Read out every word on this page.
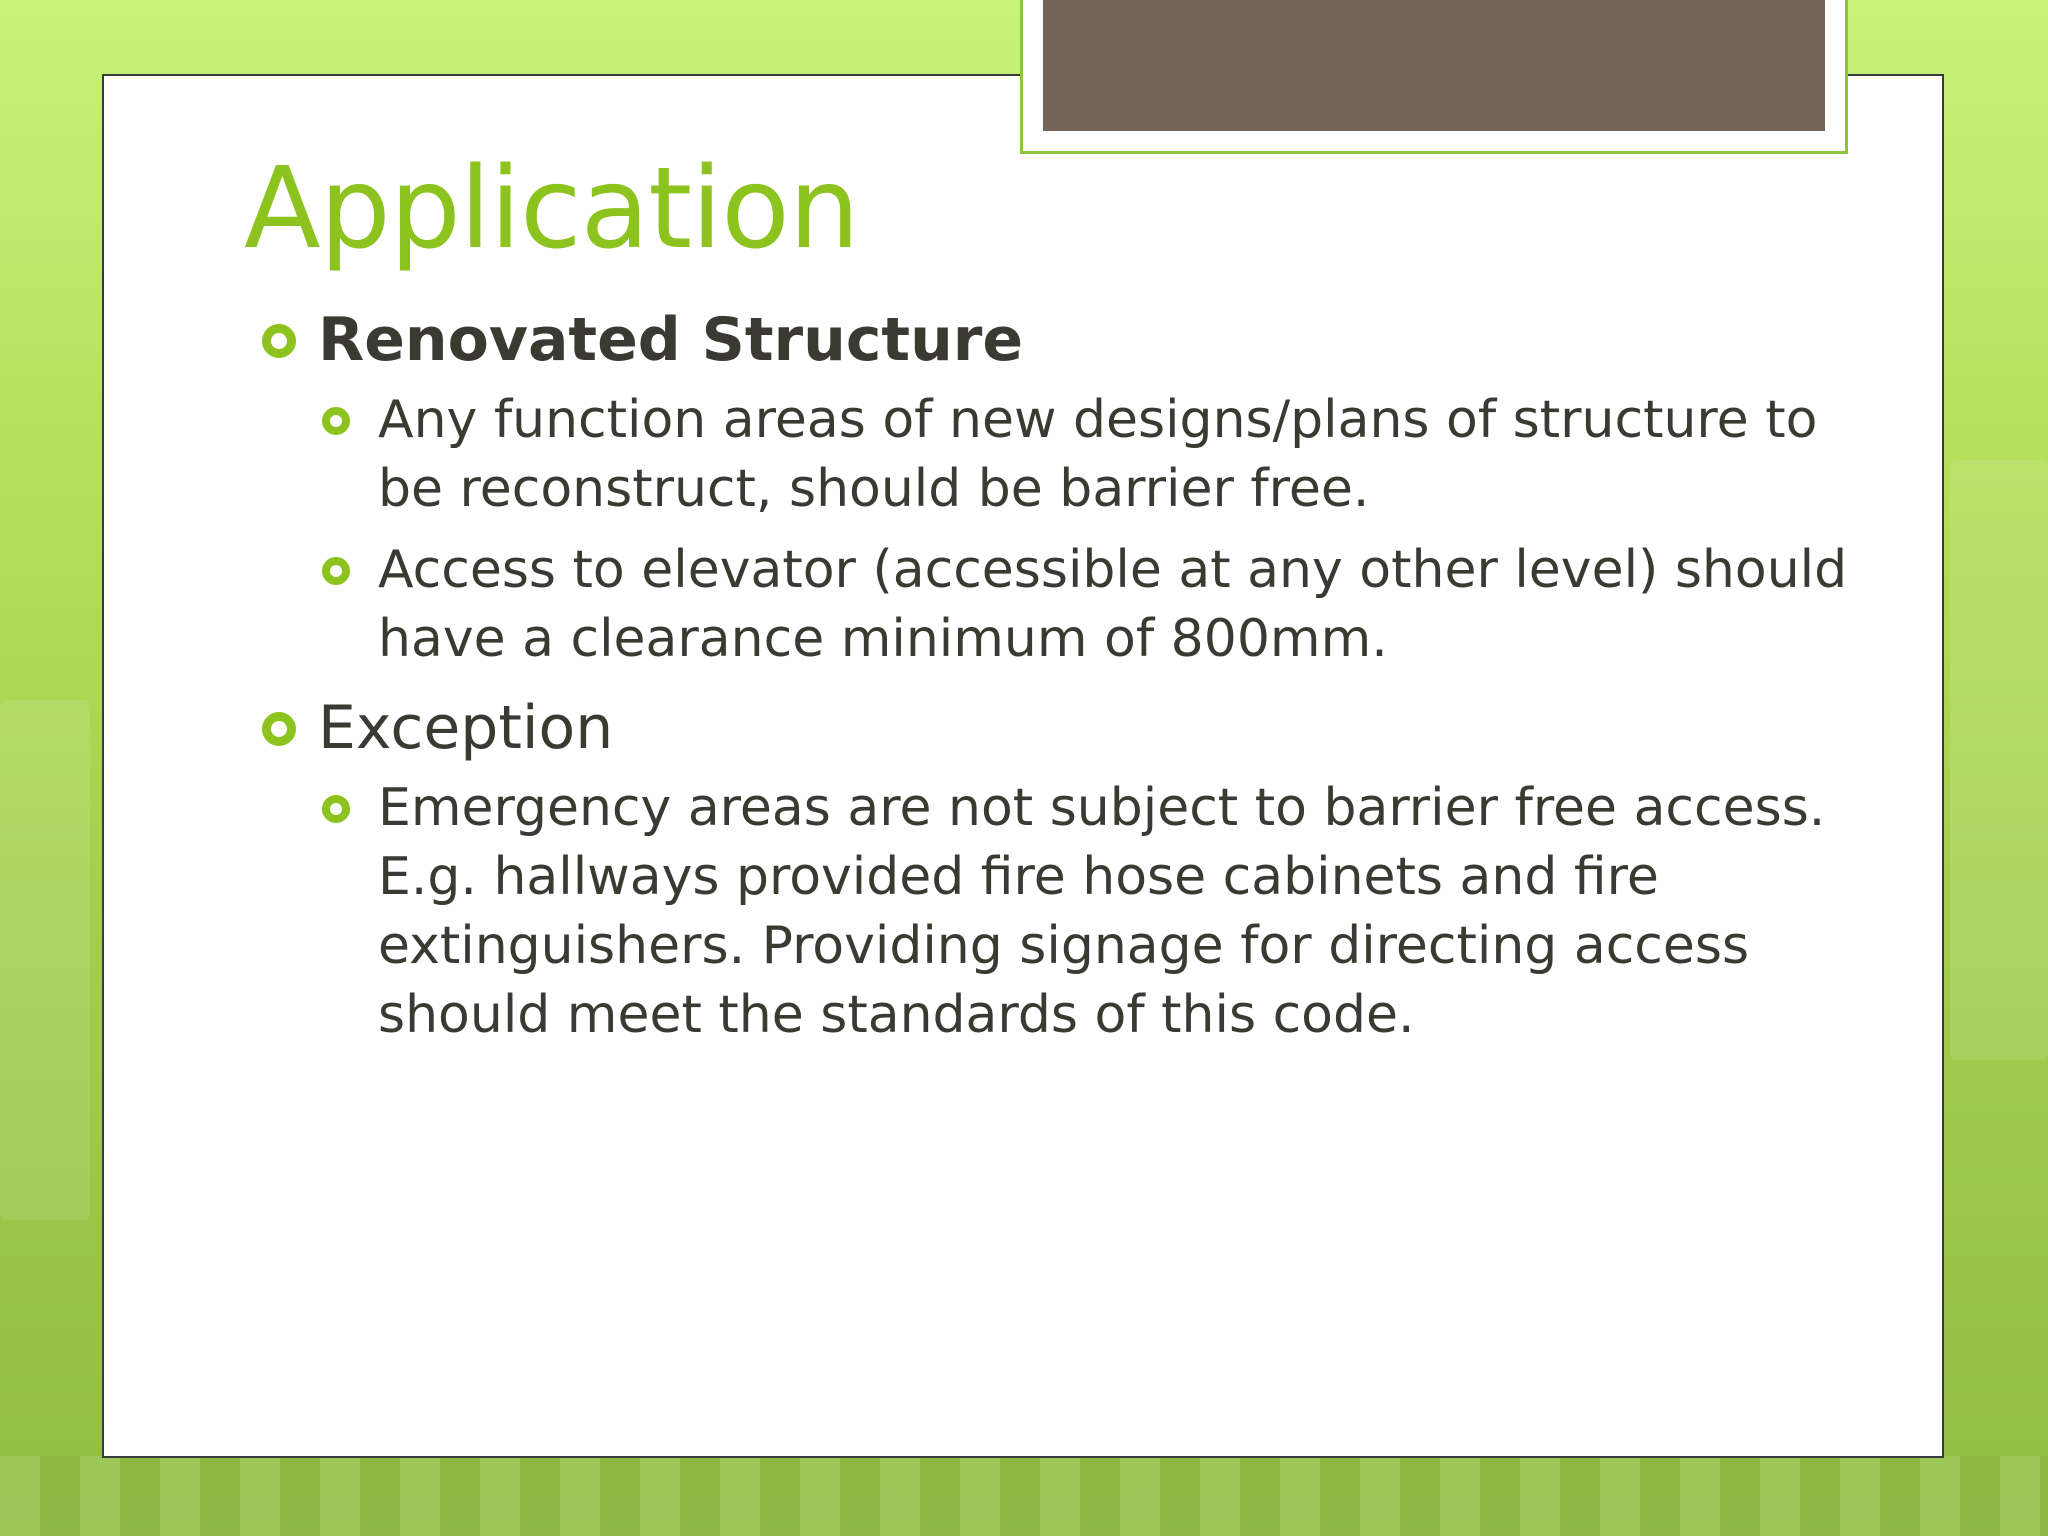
Application
Renovated Structure
Any function areas of new designs/plans of structure to be reconstruct, should be barrier free.
Access to elevator (accessible at any other level) should have a clearance minimum of 800mm.
Exception
Emergency areas are not subject to barrier free access. E.g. hallways provided fire hose cabinets and fire extinguishers. Providing signage for directing access should meet the standards of this code.
